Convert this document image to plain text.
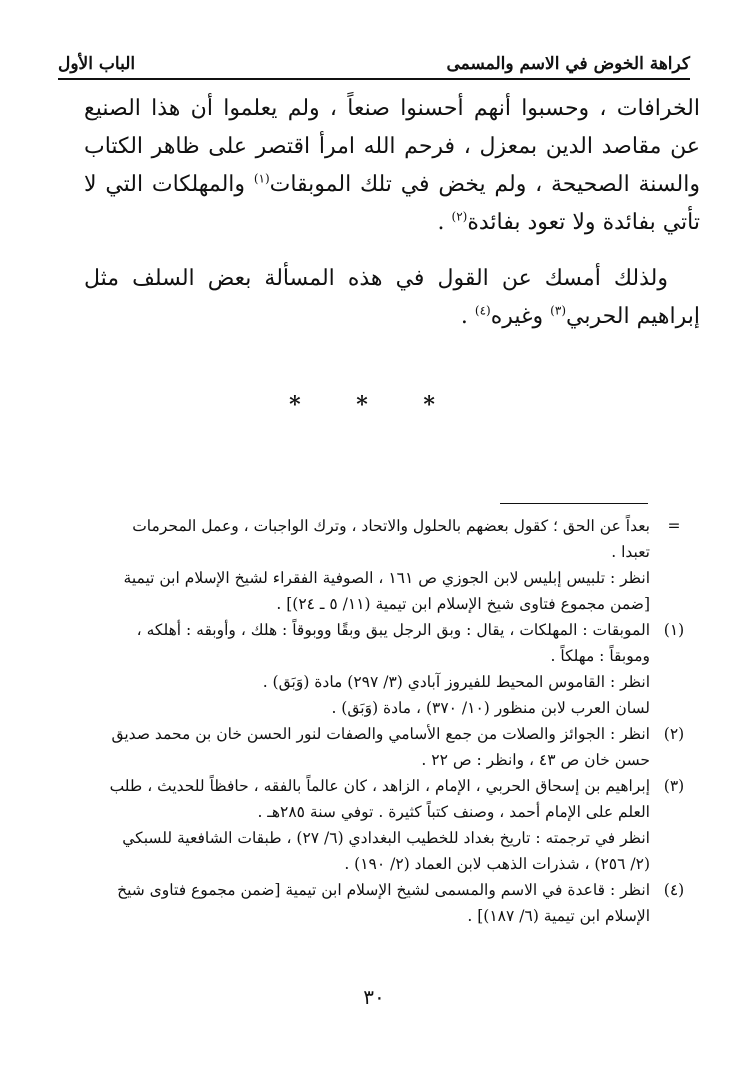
كراهة الخوض في الاسم والمسمى
الباب الأول

الخرافات ، وحسبوا أنهم أحسنوا صنعاً ، ولم يعلموا أن هذا الصنيع عن مقاصد الدين بمعزل ، فرحم الله امرأ اقتصر على ظاهر الكتاب والسنة الصحيحة ، ولم يخض في تلك الموبقات$^{(١)}$ والمهلكات التي لا تأتي بفائدة ولا تعود بفائدة$^{(٢)}$ .

ولذلك أمسك عن القول في هذه المسألة بعض السلف مثل إبراهيم الحربي$^{(٣)}$ وغيره$^{(٤)}$ .

* * *
=
بعداً عن الحق ؛ كقول بعضهم بالحلول والاتحاد ، وترك الواجبات ، وعمل المحرمات
تعبدا .
انظر : تلبيس إبليس لابن الجوزي ص ١٦١ ، الصوفية الفقراء لشيخ الإسلام ابن تيمية
[ضمن مجموع فتاوى شيخ الإسلام ابن تيمية (١١/ ٥ ـ ٢٤)] .
(١)
الموبقات : المهلكات ، يقال : وبق الرجل يبق وبقًا ووبوقاً : هلك ، وأوبقه : أهلكه ،
وموبقاً : مهلكاً .
انظر : القاموس المحيط للفيروز آبادي (٣/ ٢٩٧) مادة (وَبَق) .
لسان العرب لابن منظور (١٠/ ٣٧٠) ، مادة (وَبَق) .
(٢)
انظر : الجوائز والصلات من جمع الأسامي والصفات لنور الحسن خان بن محمد صديق
حسن خان ص ٤٣ ، وانظر : ص ٢٢ .
(٣)
إبراهيم بن إسحاق الحربي ، الإمام ، الزاهد ، كان عالماً بالفقه ، حافظاً للحديث ، طلب
العلم على الإمام أحمد ، وصنف كتباً كثيرة . توفي سنة ٢٨٥هـ .
انظر في ترجمته : تاريخ بغداد للخطيب البغدادي (٦/ ٢٧) ، طبقات الشافعية للسبكي
(٢/ ٢٥٦) ، شذرات الذهب لابن العماد (٢/ ١٩٠) .
(٤)
انظر : قاعدة في الاسم والمسمى لشيخ الإسلام ابن تيمية [ضمن مجموع فتاوى شيخ
الإسلام ابن تيمية (٦/ ١٨٧)] .
٣٠
